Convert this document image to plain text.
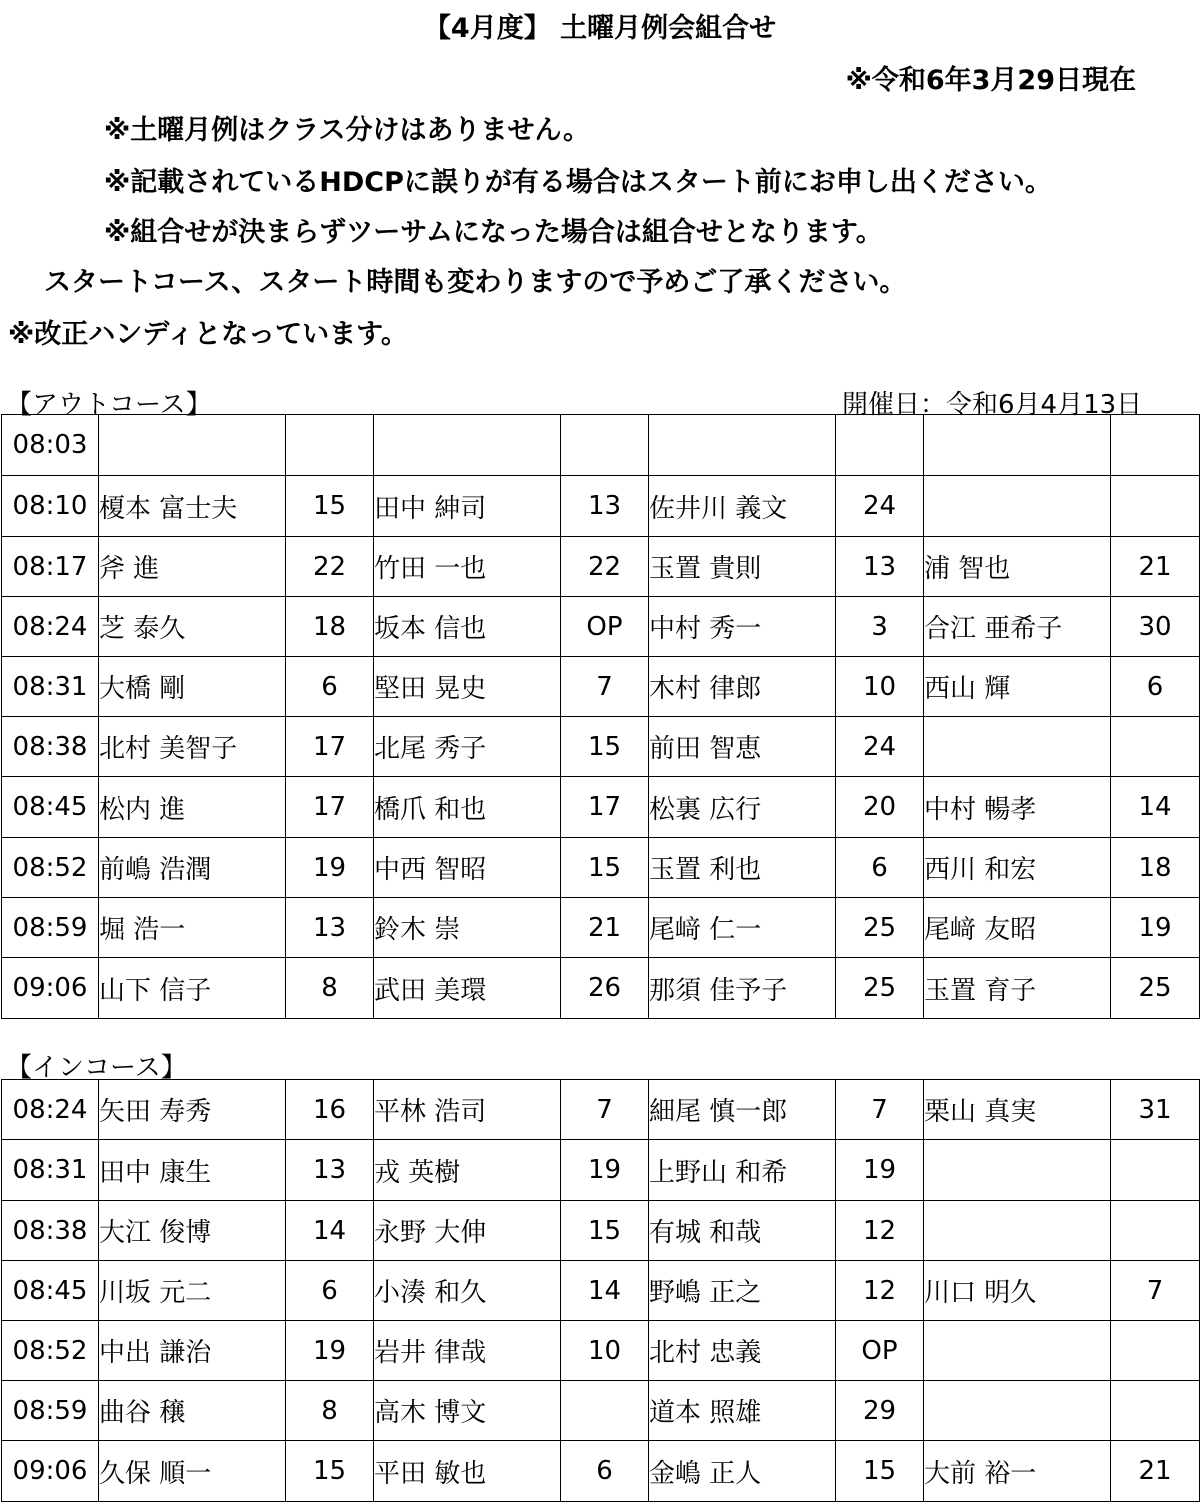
【4月度】 土曜月例会組合せ
※令和6年3月29日現在
※土曜月例はクラス分けはありません。
※記載されているHDCPに誤りが有る場合はスタート前にお申し出ください。
※組合せが決まらずツーサムになった場合は組合せとなります。
スタートコース、スタート時間も変わりますので予めご了承ください。
※改正ハンディとなっています。
【アウトコース】	開催日：令和6月4月13日
08:03								
08:10	榎本 富士夫	15	田中 紳司	13	佐井川 義文	24		
08:17	斧 進	22	竹田 一也	22	玉置 貴則	13	浦 智也	21
08:24	芝 泰久	18	坂本 信也	OP	中村 秀一	3	合江 亜希子	30
08:31	大橋 剛	6	堅田 晃史	7	木村 律郎	10	西山 輝	6
08:38	北村 美智子	17	北尾 秀子	15	前田 智恵	24		
08:45	松内 進	17	橋爪 和也	17	松裏 広行	20	中村 暢孝	14
08:52	前嶋 浩潤	19	中西 智昭	15	玉置 利也	6	西川 和宏	18
08:59	堀 浩一	13	鈴木 崇	21	尾﨑 仁一	25	尾﨑 友昭	19
09:06	山下 信子	8	武田 美環	26	那須 佳予子	25	玉置 育子	25
【インコース】
08:24	矢田 寿秀	16	平林 浩司	7	細尾 慎一郎	7	栗山 真実	31
08:31	田中 康生	13	戎 英樹	19	上野山 和希	19		
08:38	大江 俊博	14	永野 大伸	15	有城 和哉	12		
08:45	川坂 元二	6	小湊 和久	14	野嶋 正之	12	川口 明久	7
08:52	中出 謙治	19	岩井 律哉	10	北村 忠義	OP		
08:59	曲谷 穣	8	高木 博文		道本 照雄	29		
09:06	久保 順一	15	平田 敏也	6	金嶋 正人	15	大前 裕一	21
